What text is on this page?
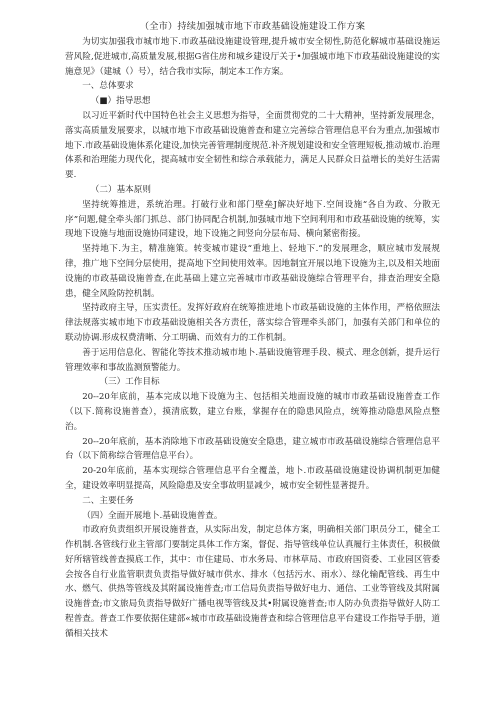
（全市）持续加强城市地下市政基础设施建设工作方案

为切实加强我市城市地下.市政基础设施建设管理,提升城市安全韧性,防范化解城市基础设施运营风险,促进城市,高质量发展,根据G省住房和城乡建设厅关于•加强城市地下市政基础设施建设的实施意见》（建城（）号），结合我市实际，制定本工作方案。

一、总体要求

（■）指导思想

以习近平新时代中国特色社会主义思想为指导，全面贯彻党的二十大精神，坚持新发展理念，落实高质量发展要求，以城市地下市政基础设施普查和建立完善综合管理信息平台为重点,加强城市地下.市政基础设施体系化建设,加快完善管理制度规范.补齐规划建设和安全管理短板,推动城市.治理体系和治理能力现代化，提高城市安全韧性和综合承载能力，满足人民群众日益增长的美好生活需要.

（二）基本原则

坚持统筹推进，系统治理。打破行业和部门壁垒J解决好地下.空间设施“各自为政、分散无序”问题,健全牵头部门抓总、部门协同配合机制,加强城市地下空间利用和市政基础设施的统筹，实现地下设施与地面设施协同建设，地下设施之间竖向分层布局、横向紧密衔接。

坚持地下.为主，精准施策。转变城市建设“重地上、轻地下.”的发展理念，顺应城市发展规律，推广地下空间分层使用，提高地下空间使用效率。因地制宜开展以地下设施为主,以及相关地面设施的市政基础设施普查,在此基础上建立完善城市市政基础设施综合管理平台，排查治理安全隐患，健全风险防控机制。

坚持政府主导，压实责任。发挥好政府在统筹推进地卜市政基础设施的主体作用，严格依照法律法规落实城市地下市政基础设施相关各方责任，落实综合管理牵头部门，加强有关部门和单位的联动协调.形成权费清晰、分工明确、而效有力的工作机制。

善于运用信息化、智能化等技术推动城市地卜.基础设施管理手段、模式、理念创新，提升运行管理效率和事故监测预警能力。

（三）工作目标

20--20年底前，基本完成以地下设施为主、包括相关地面设施的城市市政基础设施普查工作（以下.简称设施普查），摸清底数，建立台账，掌握存在的隐患风险点，统筹推动隐患风险点整治。

20--20年底前，基本消除地下市政基础设施安全隐患，建立城市市政基础设施综合管理信息平台（以下简称综合管理信息平台）。

20-20年底前，基本实现综合管理信息平台全覆盖，地卜.市政基础设施建设协调机制更加健全，建设效率明显提高，风险隐患及安全事故明显减少，城市安全韧性显著提升。

二、主要任务

（四）全面开展地卜.基础设施普查。

市政府负责组织开展设施普查，从实际出发，制定总体方案，明确相关部门职员分工，健全工作机制.各管线行业主管部门要制定具体工作方案，督促、指导管线单位认真履行主体责任，积极做好所辖管线普查摸底工作，其中：市住建局、市水务局、市林草局、市政府国资委、工业园区管委会按各自行业监管职责负责指导做好城市供水、排水（包括污水、雨水）、绿化输配管线、再生中水、燃气、供热等管线及其附属设施普查;市工信局负责指导做好电力、通信、工业等管线及其附属设施普查;市文旅局负责指导做好广播电视等管线及其•附属设施普查;市人防办负责指导做好人防工程普查。普查工作要依据住建部«城市市政基础设施普查和综合管理信息平台建设工作指导手册，道循相关技术
